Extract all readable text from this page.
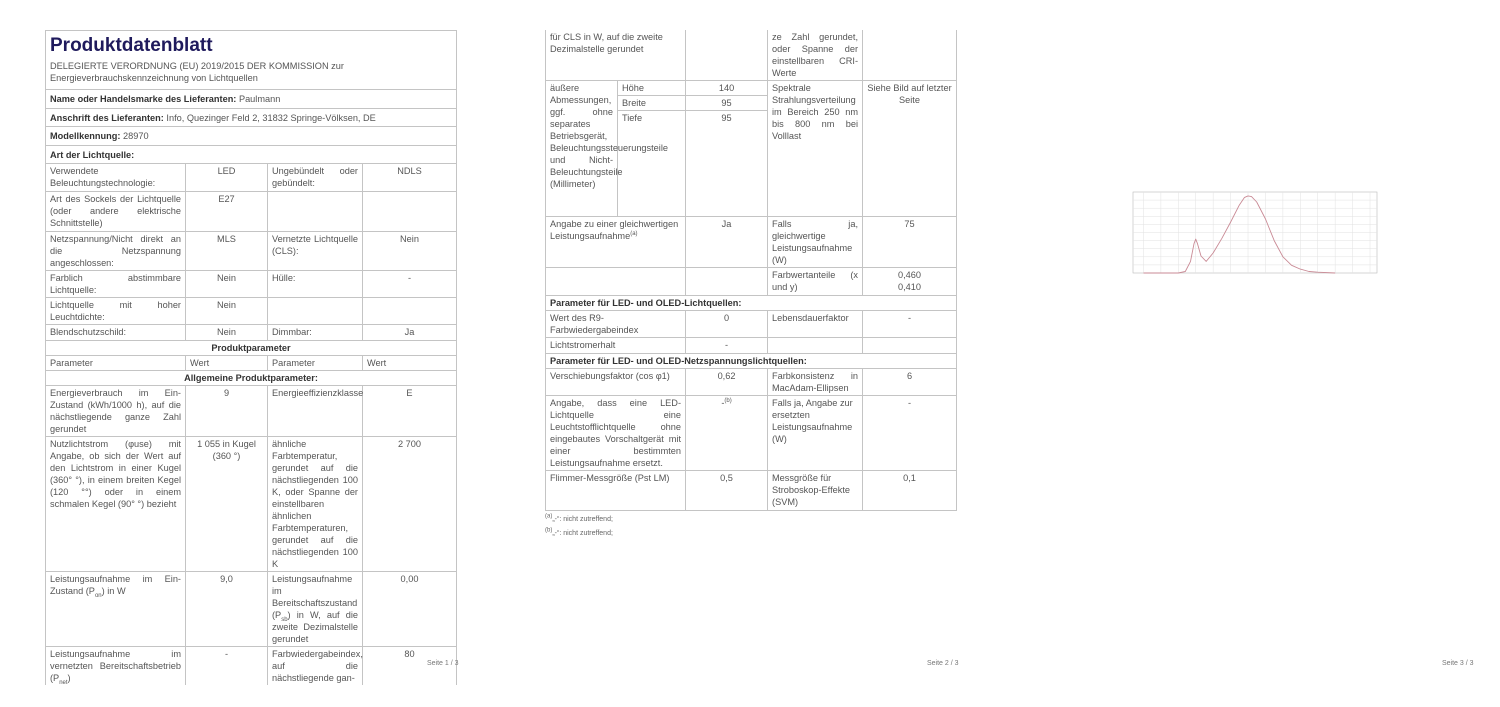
Produktdatenblatt			

DELEGIERTE VERORDNUNG (EU) 2019/2015 DER KOMMISSION zur
Energieverbrauchskennzeichnung von Lichtquellen			

Name oder Handelsmarke des Lieferanten: Paulmann			
Anschrift des Lieferanten: Info, Quezinger Feld 2, 31832 Springe-Völksen, DE			
Modellkennung: 28970			
Art der Lichtquelle:			
Verwendete Beleuchtungstechnologie:	LED	Ungebündelt oder gebündelt:	NDLS
Art des Sockels der Lichtquelle (oder andere elektrische Schnittstelle)	E27		
Netzspannung/Nicht direkt an die Netzspannung angeschlossen:	MLS	Vernetzte Lichtquelle (CLS):	Nein
Farblich abstimmbare Lichtquelle:	Nein	Hülle:	-
Lichtquelle mit hoher Leuchtdichte:	Nein		
Blendschutzschild:	Nein	Dimmbar:	Ja
Produktparameter			
Parameter	Wert	Parameter	Wert
Allgemeine Produktparameter:			
Energieverbrauch im Ein-Zustand (kWh/1000 h), auf die nächstliegende ganze Zahl gerundet	9	Energieeffizienzklasse	E
Nutzlichtstrom (φuse) mit Angabe, ob sich der Wert auf den Lichtstrom in einer Kugel (360° °), in einem breiten Kegel (120 °°) oder in einem schmalen Kegel (90° °) bezieht	1 055 in Kugel (360 °)	ähnliche Farbtemperatur, gerundet auf die nächstliegenden 100 K, oder Spanne der einstellbaren ähnlichen Farbtemperaturen, gerundet auf die nächstliegenden 100 K	2 700
Leistungsaufnahme im Ein-Zustand $(P_{on})$ in W	9,0	Leistungsaufnahme im Bereitschaftszustand $(P_{sb})$ in W, auf die zweite Dezimalstelle gerundet	0,00
Leistungsaufnahme im vernetzten Bereitschaftsbetrieb $(P_{net})$	-	Farbwiedergabeindex, auf die nächstliegende gan-	80
Seite 1 / 3
für CLS in W, auf die zweite Dezimalstelle gerundet			ze Zahl gerundet, oder Spanne der einstellbaren CRI-Werte	
äußere Abmessungen, ggf. ohne separates Betriebsgerät, Beleuchtungssteuerungsteile und Nicht-Beleuchtungsteile (Millimeter)	Höhe	140	Spektrale Strahlungsverteilung im Bereich 250 nm bis 800 nm bei Volllast	Siehe Bild auf letzter Seite
	Breite	95		
	Tiefe	95		
Angabe zu einer gleichwertigen Leistungsaufnahme$^{(a)}$		Ja	Falls ja, gleichwertige Leistungsaufnahme (W)	75
			Farbwertanteile (x und y)	0,460
0,410

Parameter für LED- und OLED-Lichtquellen:				
Wert des R9-Farbwiedergabeindex		0	Lebensdauerfaktor	-
Lichtstromerhalt		-		
Parameter für LED- und OLED-Netzspannungslichtquellen:				
Verschiebungsfaktor (cos φ1)		0,62	Farbkonsistenz in MacAdam-Ellipsen	6
Angabe, dass eine LED-Lichtquelle eine Leuchtstofflichtquelle ohne eingebautes Vorschaltgerät mit einer bestimmten Leistungsaufnahme ersetzt.		-$^{(b)}$	Falls ja, Angabe zur ersetzten Leistungsaufnahme (W)	-
Flimmer-Messgröße (Pst LM)		0,5	Messgröße für Stroboskop-Effekte (SVM)	0,1
$^{(a)}$„-“: nicht zutreffend;
$^{(b)}$„-“: nicht zutreffend;
Seite 2 / 3	Seite 3 / 3
